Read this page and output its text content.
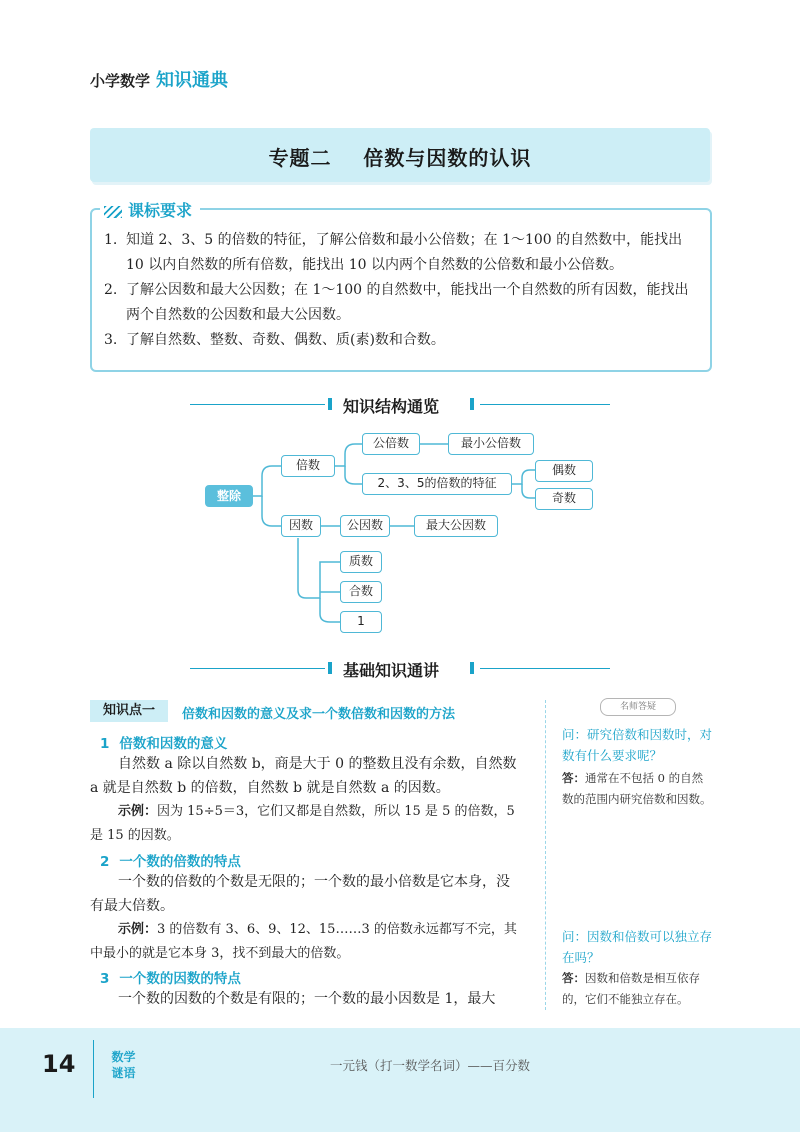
小学数学 知识通典
专题二    倍数与因数的认识
课标要求
1. 知道 2、3、5 的倍数的特征，了解公倍数和最小公倍数；在 1～100 的自然数中，能找出 10 以内自然数的所有倍数，能找出 10 以内两个自然数的公倍数和最小公倍数。
2. 了解公因数和最大公因数；在 1～100 的自然数中，能找出一个自然数的所有因数，能找出两个自然数的公因数和最大公因数。
3. 了解自然数、整数、奇数、偶数、质(素)数和合数。
知识结构通览
整除
倍数
公倍数	最小公倍数
2、3、5的倍数的特征
偶数
奇数
因数	公因数	最大公因数
质数
合数
1
基础知识通讲
知识点一	倍数和因数的意义及求一个数倍数和因数的方法
1 倍数和因数的意义
自然数 a 除以自然数 b，商是大于 0 的整数且没有余数，自然数 a 就是自然数 b 的倍数，自然数 b 就是自然数 a 的因数。
示例：因为 15÷5＝3，它们又都是自然数，所以 15 是 5 的倍数，5 是 15 的因数。
2 一个数的倍数的特点
一个数的倍数的个数是无限的；一个数的最小倍数是它本身，没有最大倍数。
示例：3 的倍数有 3、6、9、12、15……3 的倍数永远都写不完，其中最小的就是它本身 3，找不到最大的倍数。
3 一个数的因数的特点
一个数的因数的个数是有限的；一个数的最小因数是 1，最大
名师答疑
问：研究倍数和因数时，对数有什么要求呢？
答：通常在不包括 0 的自然数的范围内研究倍数和因数。
问：因数和倍数可以独立存在吗？
答：因数和倍数是相互依存的，它们不能独立存在。
14	数学
谜语	一元钱（打一数学名词）——百分数
